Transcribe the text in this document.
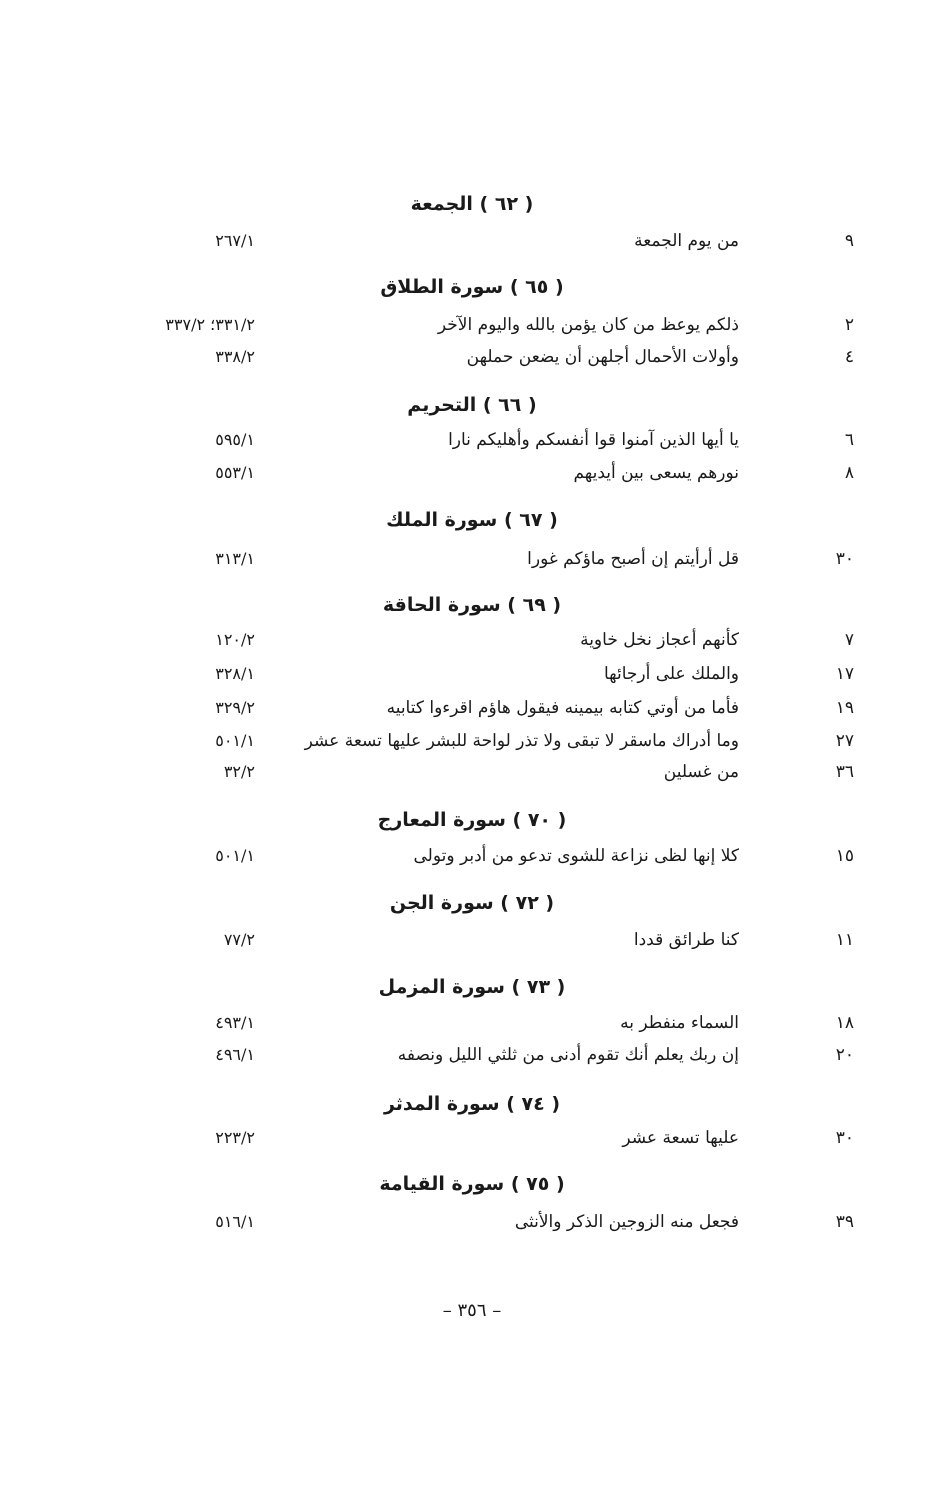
( ٦٢ ) الجمعة
٩
من يوم الجمعة
٢٦٧/١
( ٦٥ ) سورة الطلاق
٢
ذلكم يوعظ من كان يؤمن بالله واليوم الآخر
٣٣١/٢؛ ٣٣٧/٢
٤
وأولات الأحمال أجلهن أن يضعن حملهن
٣٣٨/٢
( ٦٦ ) التحريم
٦
يا أيها الذين آمنوا قوا أنفسكم وأهليكم نارا
٥٩٥/١
٨
نورهم يسعى بين أيديهم
٥٥٣/١
( ٦٧ ) سورة الملك
٣٠
قل أرأيتم إن أصبح ماؤكم غورا
٣١٣/١
( ٦٩ ) سورة الحاقة
٧
كأنهم أعجاز نخل خاوية
١٢٠/٢
١٧
والملك على أرجائها
٣٢٨/١
١٩
فأما من أوتي كتابه بيمينه فيقول هاؤم اقرءوا كتابيه
٣٢٩/٢
٢٧
وما أدراك ماسقر لا تبقى ولا تذر لواحة للبشر عليها تسعة عشر
٥٠١/١
٣٦
من غسلين
٣٢/٢
( ٧٠ ) سورة المعارج
١٥
كلا إنها لظى نزاعة للشوى تدعو من أدبر وتولى
٥٠١/١
( ٧٢ ) سورة الجن
١١
كنا طرائق قددا
٧٧/٢
( ٧٣ ) سورة المزمل
١٨
السماء منفطر به
٤٩٣/١
٢٠
إن ربك يعلم أنك تقوم أدنى من ثلثي الليل ونصفه
٤٩٦/١
( ٧٤ ) سورة المدثر
٣٠
عليها تسعة عشر
٢٢٣/٢
( ٧٥ ) سورة القيامة
٣٩
فجعل منه الزوجين الذكر والأنثى
٥١٦/١
– ٣٥٦ –
